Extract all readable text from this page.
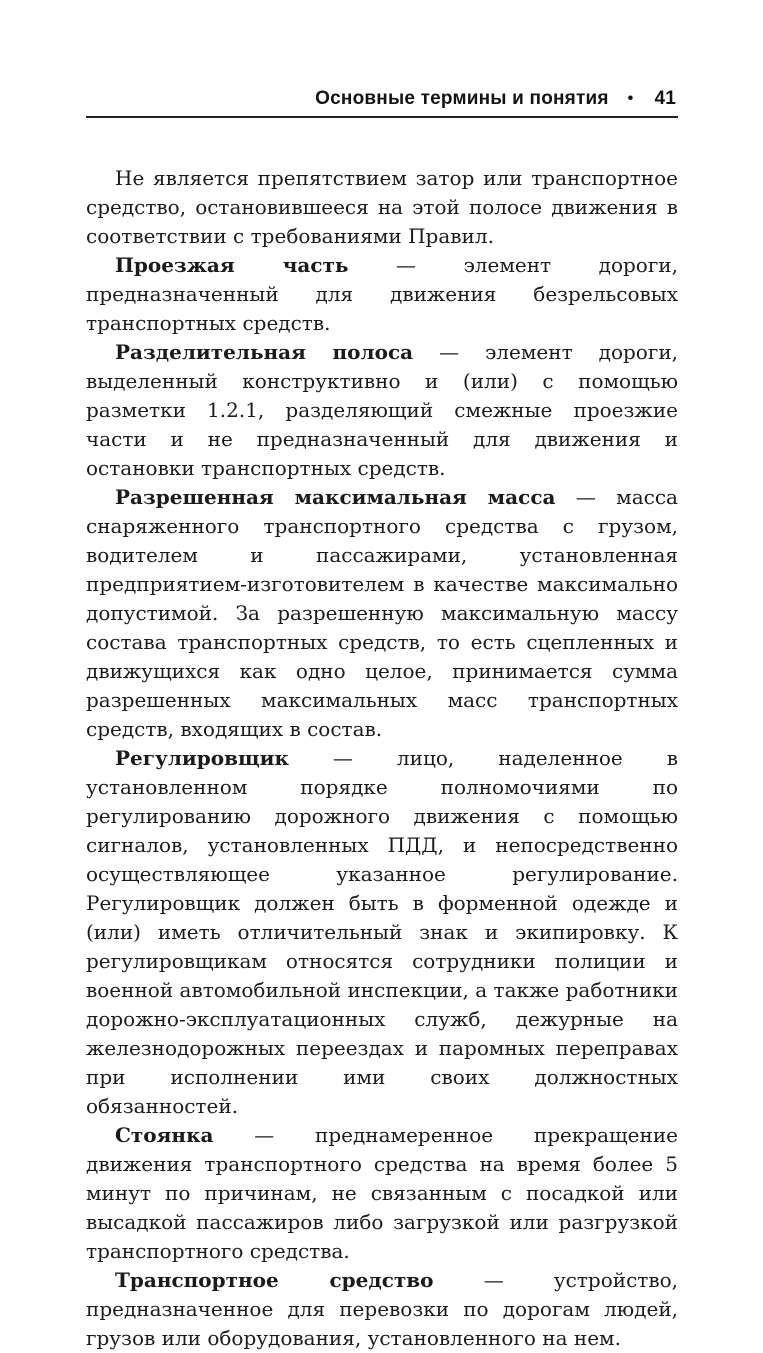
Основные термины и понятия • 41

Не является препятствием затор или транспортное средство, остановившееся на этой полосе движения в соответствии с требованиями Правил.

Проезжая часть — элемент дороги, предназначенный для движения безрельсовых транспортных средств.

Разделительная полоса — элемент дороги, выделенный конструктивно и (или) с помощью разметки 1.2.1, разделяющий смежные проезжие части и не предназначенный для движения и остановки транспортных средств.

Разрешенная максимальная масса — масса снаряженного транспортного средства с грузом, водителем и пассажирами, установленная предприятием-изготовителем в качестве максимально допустимой. За разрешенную максимальную массу состава транспортных средств, то есть сцепленных и движущихся как одно целое, принимается сумма разрешенных максимальных масс транспортных средств, входящих в состав.

Регулировщик — лицо, наделенное в установленном порядке полномочиями по регулированию дорожного движения с помощью сигналов, установленных ПДД, и непосредственно осуществляющее указанное регулирование. Регулировщик должен быть в форменной одежде и (или) иметь отличительный знак и экипировку. К регулировщикам относятся сотрудники полиции и военной автомобильной инспекции, а также работники дорожно-эксплуатационных служб, дежурные на железнодорожных переездах и паромных переправах при исполнении ими своих должностных обязанностей.

Стоянка — преднамеренное прекращение движения транспортного средства на время более 5 минут по причинам, не связанным с посадкой или высадкой пассажиров либо загрузкой или разгрузкой транспортного средства.

Транспортное средство — устройство, предназначенное для перевозки по дорогам людей, грузов или оборудования, установленного на нем.
